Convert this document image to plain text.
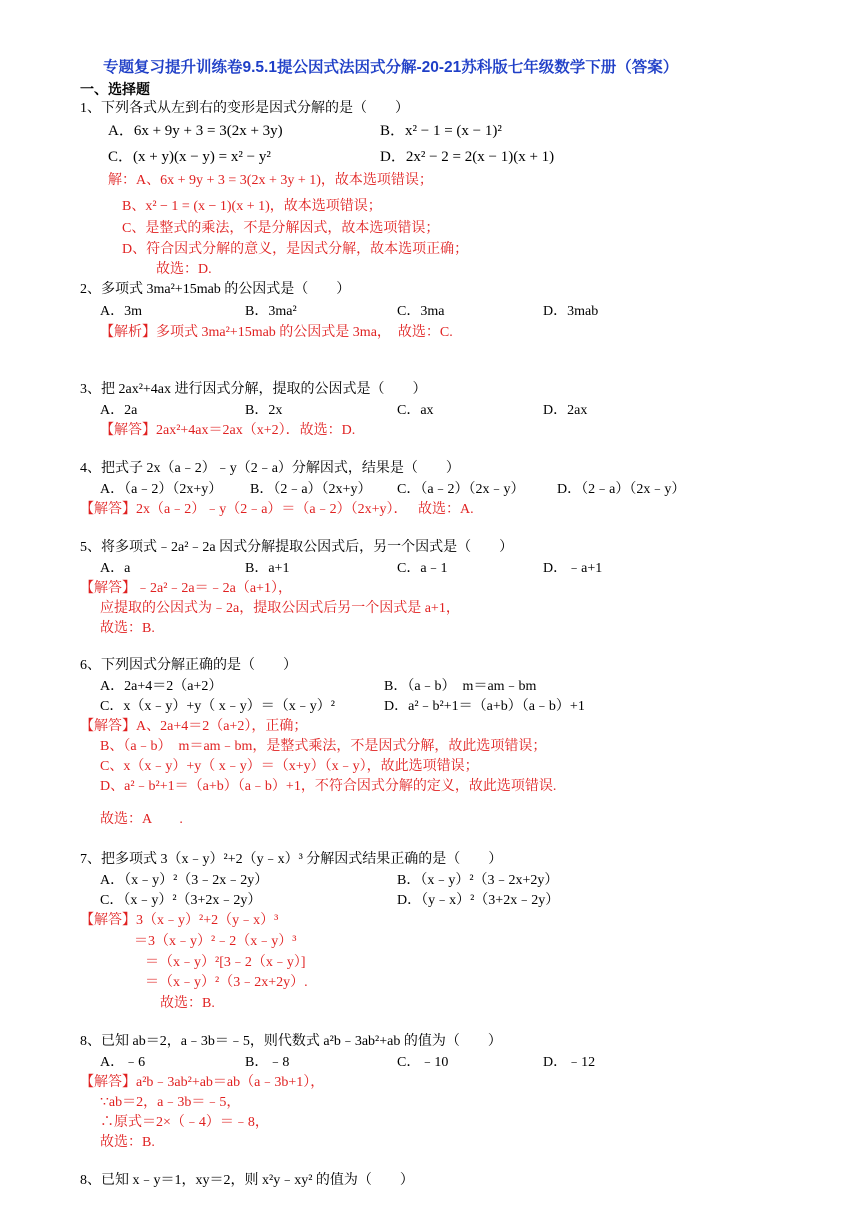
专题复习提升训练卷9.5.1提公因式法因式分解-20-21苏科版七年级数学下册（答案）
一、选择题
1、下列各式从左到右的变形是因式分解的是（　　）
A．6x + 9y + 3 = 3(2x + 3y)	B．x² − 1 = (x − 1)²
C．(x + y)(x − y) = x² − y²	D．2x² − 2 = 2(x − 1)(x + 1)
解：A、6x + 9y + 3 = 3(2x + 3y + 1)，故本选项错误；
B、x² − 1 = (x − 1)(x + 1)，故本选项错误；
C、是整式的乘法，不是分解因式，故本选项错误；
D、符合因式分解的意义，是因式分解，故本选项正确；
故选：D.
2、多项式 3ma²+15mab 的公因式是（　　）
A．3m	B．3ma²	C．3ma	D．3mab
【解析】多项式 3ma²+15mab 的公因式是 3ma，　故选：C.
3、把 2ax²+4ax 进行因式分解，提取的公因式是（　　）
A．2a	B．2x	C．ax	D．2ax
【解答】2ax²+4ax＝2ax（x+2）．故选：D.
4、把式子 2x（a﹣2）﹣y（2﹣a）分解因式，结果是（　　）
A．（a﹣2）（2x+y） B．（2﹣a）（2x+y） C．（a﹣2）（2x﹣y） D．（2﹣a）（2x﹣y）
【解答】2x（a﹣2）﹣y（2﹣a）＝（a﹣2）（2x+y）．　 故选：A.
5、将多项式﹣2a²﹣2a 因式分解提取公因式后，另一个因式是（　　）
A．a	B．a+1	C．a﹣1	D．﹣a+1
【解答】﹣2a²﹣2a＝﹣2a（a+1），
应提取的公因式为﹣2a，提取公因式后另一个因式是 a+1，
故选：B.
6、下列因式分解正确的是（　　）
A．2a+4＝2（a+2）	B．（a﹣b）　m＝am﹣bm
C．x（x﹣y）+y（ x﹣y）＝（x﹣y）²	D．a²﹣b²+1＝（a+b）（a﹣b）+1
【解答】A、2a+4＝2（a+2），正确；
B、（a﹣b）　m＝am﹣bm，是整式乘法，不是因式分解，故此选项错误；
C、x（x﹣y）+y（ x﹣y）＝（x+y）（x﹣y），故此选项错误；
D、a²﹣b²+1＝（a+b）（a﹣b）+1，不符合因式分解的定义，故此选项错误.
故选：A　　.
7、把多项式 3（x﹣y）²+2（y﹣x）³ 分解因式结果正确的是（　　）
A．（x﹣y）²（3﹣2x﹣2y）	B．（x﹣y）²（3﹣2x+2y）
C．（x﹣y）²（3+2x﹣2y）	D．（y﹣x）²（3+2x﹣2y）
【解答】3（x﹣y）²+2（y﹣x）³
＝3（x﹣y）²﹣2（x﹣y）³
＝（x﹣y）²[3﹣2（x﹣y）]
＝（x﹣y）²（3﹣2x+2y）.
故选：B.
8、已知 ab＝2，a﹣3b＝﹣5，则代数式 a²b﹣3ab²+ab 的值为（　　）
A．﹣6	B．﹣8	C．﹣10	D．﹣12
【解答】a²b﹣3ab²+ab＝ab（a﹣3b+1），
∵ab＝2，a﹣3b＝﹣5，
∴原式＝2×（﹣4）＝﹣8，
故选：B.
8、已知 x﹣y＝1，xy＝2，则 x²y﹣xy² 的值为（　　）
